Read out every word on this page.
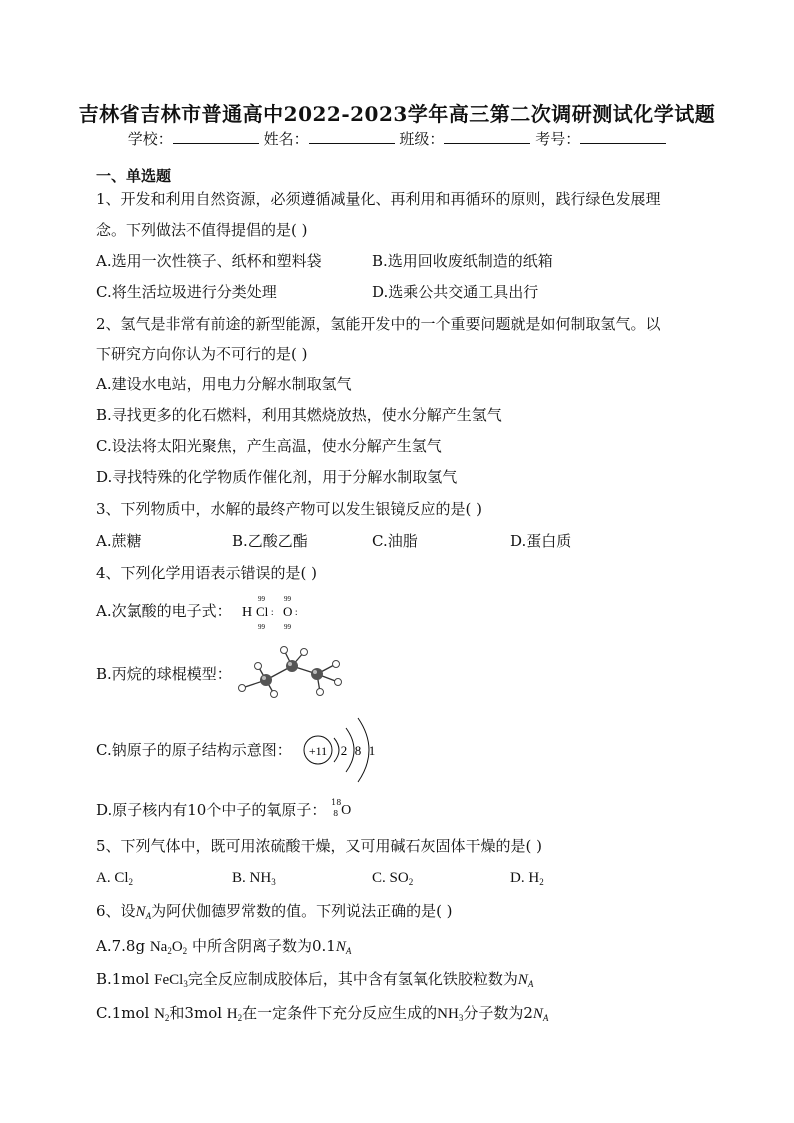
吉林省吉林市普通高中2022-2023学年高三第二次调研测试化学试题
学校：	姓名：	班级：	考号：
一、单选题
1、开发和利用自然资源，必须遵循减量化、再利用和再循环的原则，践行绿色发展理
念。下列做法不值得提倡的是( )
A.选用一次性筷子、纸杯和塑料袋	B.选用回收废纸制造的纸箱
C.将生活垃圾进行分类处理	D.选乘公共交通工具出行
2、氢气是非常有前途的新型能源，氢能开发中的一个重要问题就是如何制取氢气。以
下研究方向你认为不可行的是( )
A.建设水电站，用电力分解水制取氢气
B.寻找更多的化石燃料，利用其燃烧放热，使水分解产生氢气
C.设法将太阳光聚焦，产生高温，使水分解产生氢气
D.寻找特殊的化学物质作催化剂，用于分解水制取氢气
3、下列物质中，水解的最终产物可以发生银镜反应的是( )
A.蔗糖	B.乙酸乙酯	C.油脂	D.蛋白质
4、下列化学用语表示错误的是( )
A.次氯酸的电子式： H
99
Cl
99
:
99
O :
99
B.丙烷的球棍模型：
C.钠原子的原子结构示意图： +11 2 8 1
D.原子核内有10个中子的氧原子： 18
8 O
5、下列气体中，既可用浓硫酸干燥，又可用碱石灰固体干燥的是( )
A. $Cl_2$	B. $NH_3$	C. $SO_2$	D. $H_2$
6、设$N_A$为阿伏伽德罗常数的值。下列说法正确的是( )
A.7.8g $Na_2O_2$ 中所含阴离子数为$0.1N_A$
B.1mol FeCl$_3$完全反应制成胶体后，其中含有氢氧化铁胶粒数为$N_A$
C.1mol $N_2$和3mol $H_2$在一定条件下充分反应生成的$NH_3$分子数为$2N_A$
